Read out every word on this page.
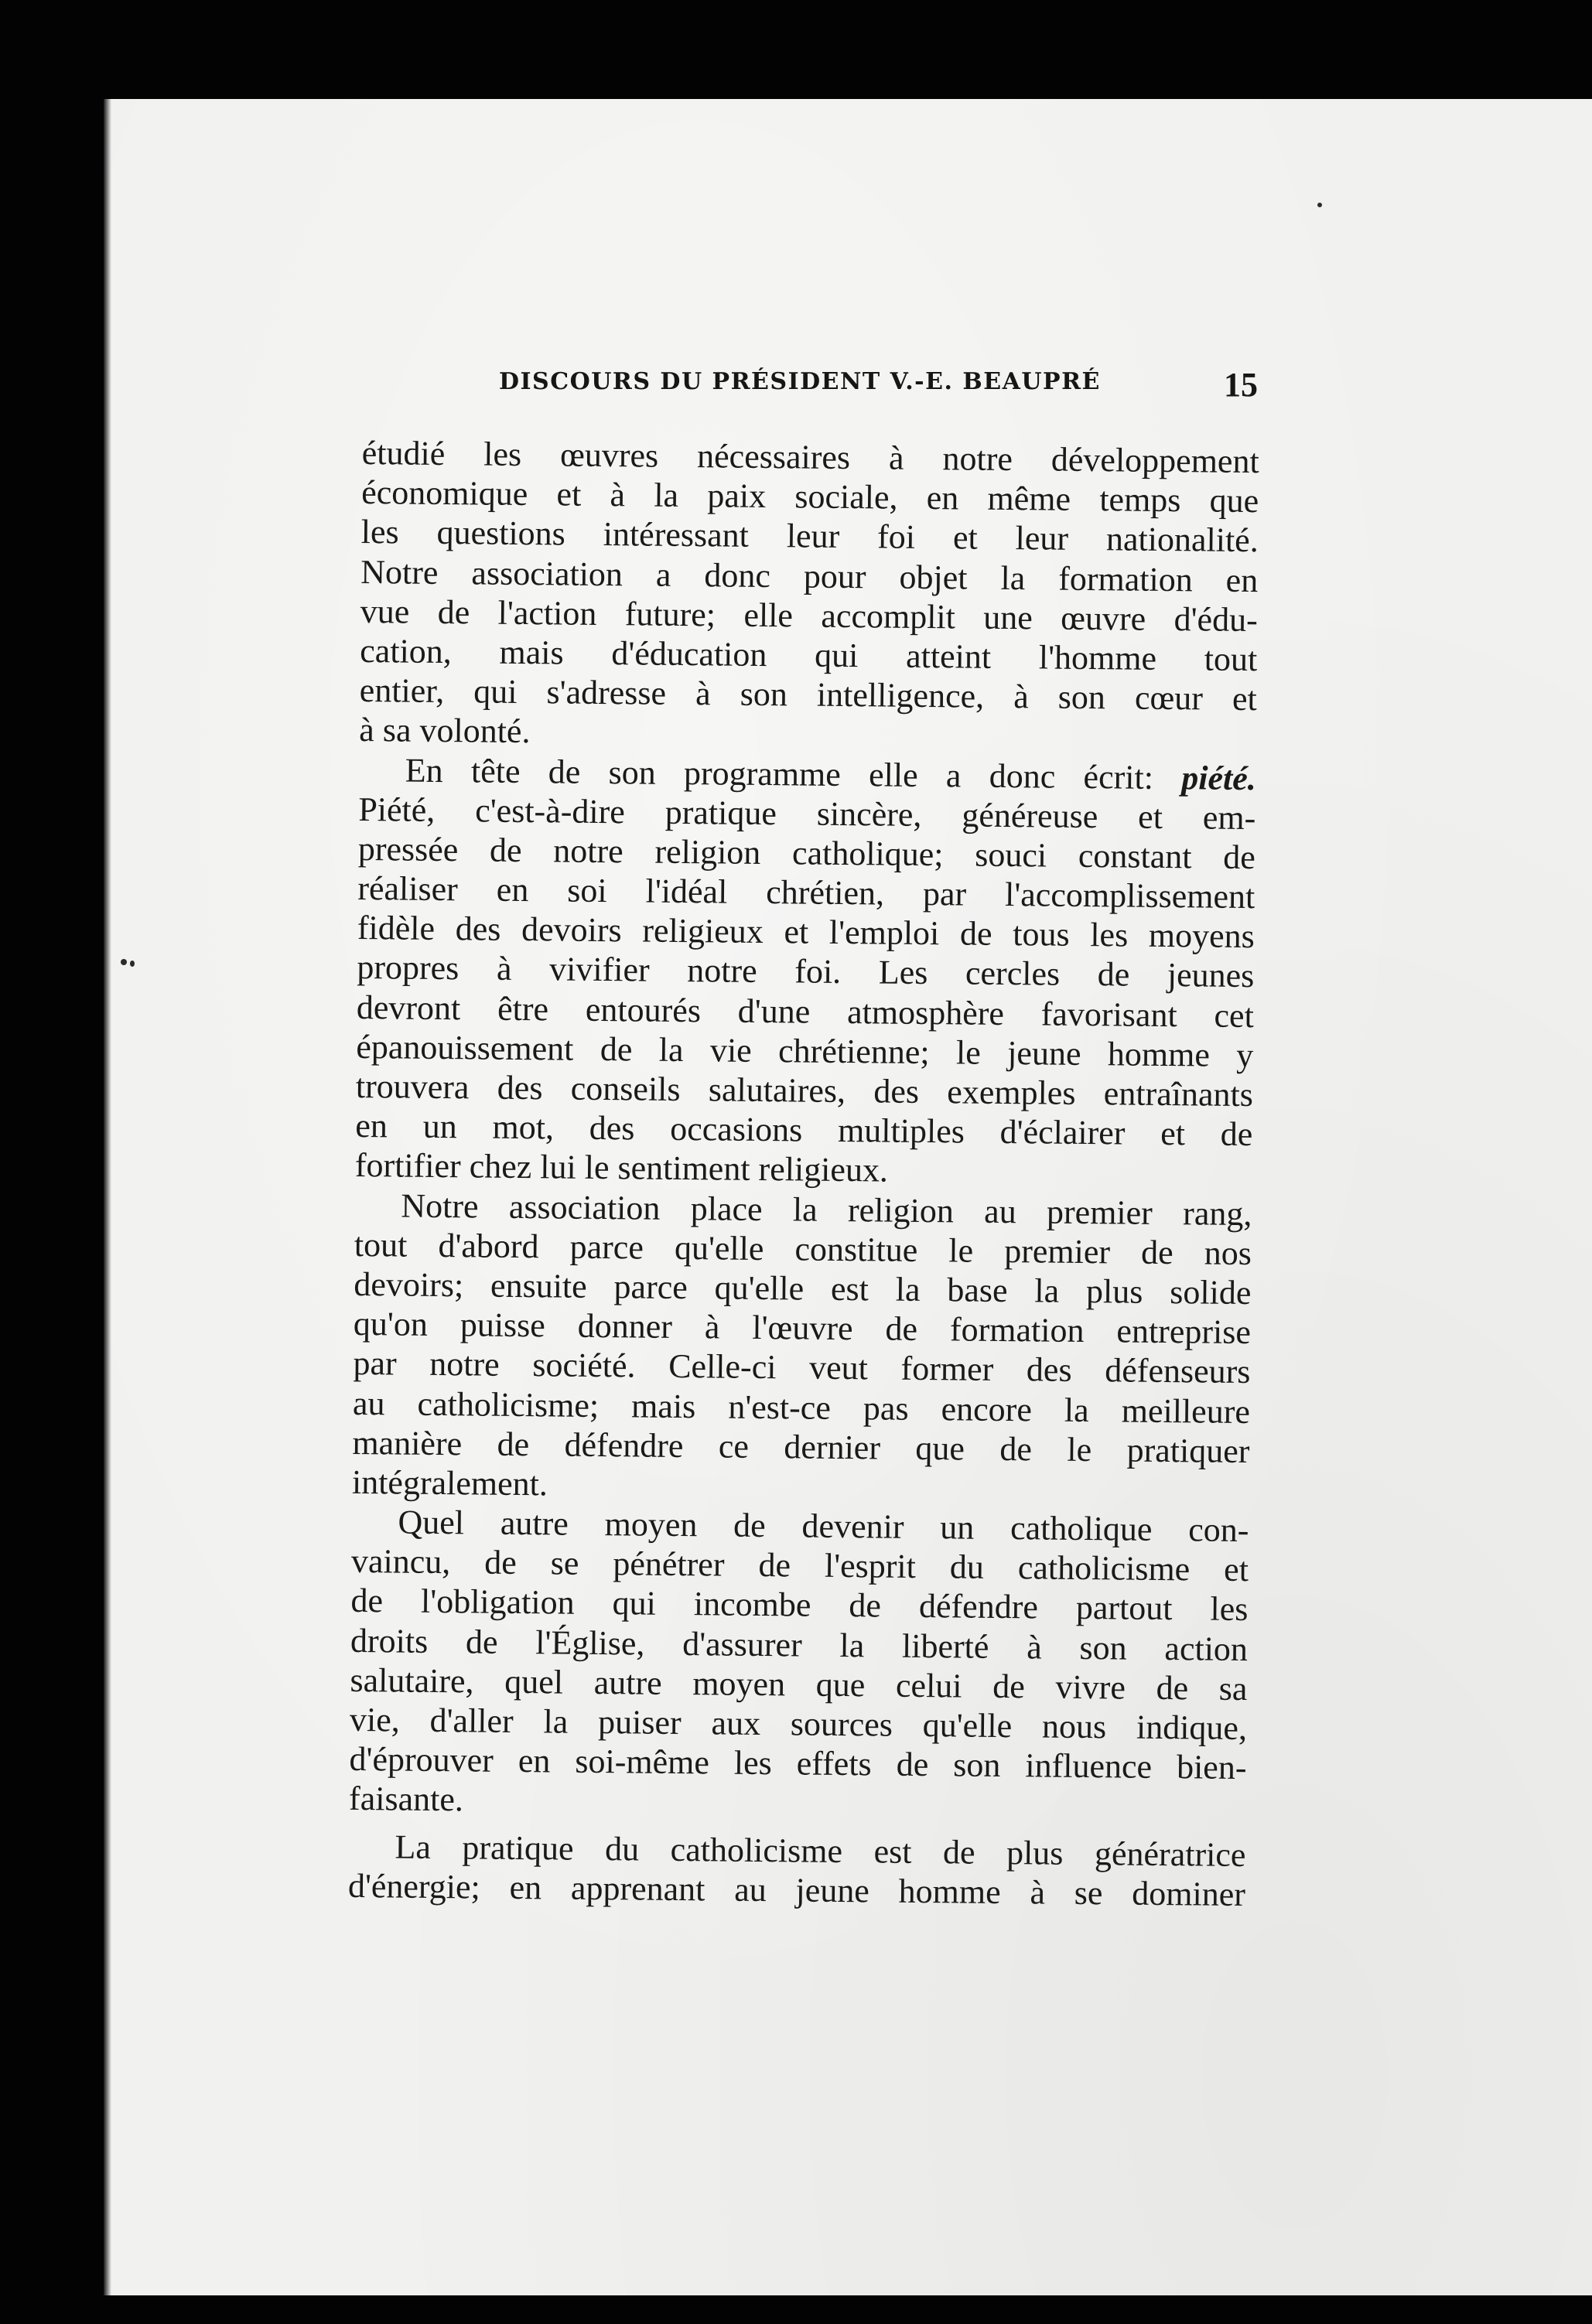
DISCOURS DU PRÉSIDENT V.-E. BEAUPRÉ	15
étudié les œuvres nécessaires à notre développement
économique et à la paix sociale, en même temps que
les questions intéressant leur foi et leur nationalité.
Notre association a donc pour objet la formation en
vue de l'action future; elle accomplit une œuvre d'édu-
cation, mais d'éducation qui atteint l'homme tout
entier, qui s'adresse à son intelligence, à son cœur et
à sa volonté.
En tête de son programme elle a donc écrit: piété.
Piété, c'est-à-dire pratique sincère, généreuse et em-
pressée de notre religion catholique; souci constant de
réaliser en soi l'idéal chrétien, par l'accomplissement
fidèle des devoirs religieux et l'emploi de tous les moyens
propres à vivifier notre foi. Les cercles de jeunes
devront être entourés d'une atmosphère favorisant cet
épanouissement de la vie chrétienne; le jeune homme y
trouvera des conseils salutaires, des exemples entraînants
en un mot, des occasions multiples d'éclairer et de
fortifier chez lui le sentiment religieux.
Notre association place la religion au premier rang,
tout d'abord parce qu'elle constitue le premier de nos
devoirs; ensuite parce qu'elle est la base la plus solide
qu'on puisse donner à l'œuvre de formation entreprise
par notre société. Celle-ci veut former des défenseurs
au catholicisme; mais n'est-ce pas encore la meilleure
manière de défendre ce dernier que de le pratiquer
intégralement.
Quel autre moyen de devenir un catholique con-
vaincu, de se pénétrer de l'esprit du catholicisme et
de l'obligation qui incombe de défendre partout les
droits de l'Église, d'assurer la liberté à son action
salutaire, quel autre moyen que celui de vivre de sa
vie, d'aller la puiser aux sources qu'elle nous indique,
d'éprouver en soi-même les effets de son influence bien-
faisante.
La pratique du catholicisme est de plus génératrice
d'énergie; en apprenant au jeune homme à se dominer
